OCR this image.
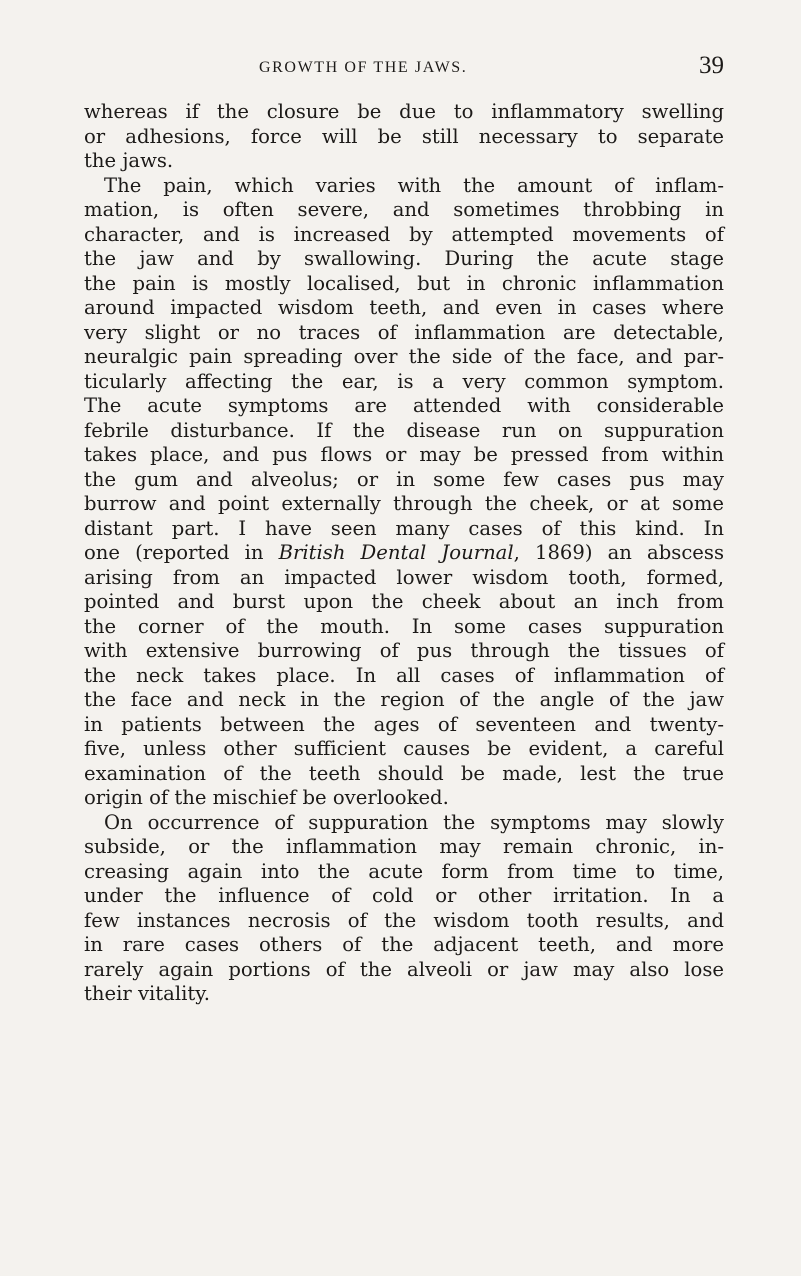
GROWTH OF THE JAWS.	39
whereas if the closure be due to inflammatory swelling
or adhesions, force will be still necessary to separate
the jaws.
The pain, which varies with the amount of inflam-
mation, is often severe, and sometimes throbbing in
character, and is increased by attempted movements of
the jaw and by swallowing. During the acute stage
the pain is mostly localised, but in chronic inflammation
around impacted wisdom teeth, and even in cases where
very slight or no traces of inflammation are detectable,
neuralgic pain spreading over the side of the face, and par-
ticularly affecting the ear, is a very common symptom.
The acute symptoms are attended with considerable
febrile disturbance. If the disease run on suppuration
takes place, and pus flows or may be pressed from within
the gum and alveolus; or in some few cases pus may
burrow and point externally through the cheek, or at some
distant part. I have seen many cases of this kind. In
one (reported in British Dental Journal, 1869) an abscess
arising from an impacted lower wisdom tooth, formed,
pointed and burst upon the cheek about an inch from
the corner of the mouth. In some cases suppuration
with extensive burrowing of pus through the tissues of
the neck takes place. In all cases of inflammation of
the face and neck in the region of the angle of the jaw
in patients between the ages of seventeen and twenty-
five, unless other sufficient causes be evident, a careful
examination of the teeth should be made, lest the true
origin of the mischief be overlooked.
On occurrence of suppuration the symptoms may slowly
subside, or the inflammation may remain chronic, in-
creasing again into the acute form from time to time,
under the influence of cold or other irritation. In a
few instances necrosis of the wisdom tooth results, and
in rare cases others of the adjacent teeth, and more
rarely again portions of the alveoli or jaw may also lose
their vitality.
